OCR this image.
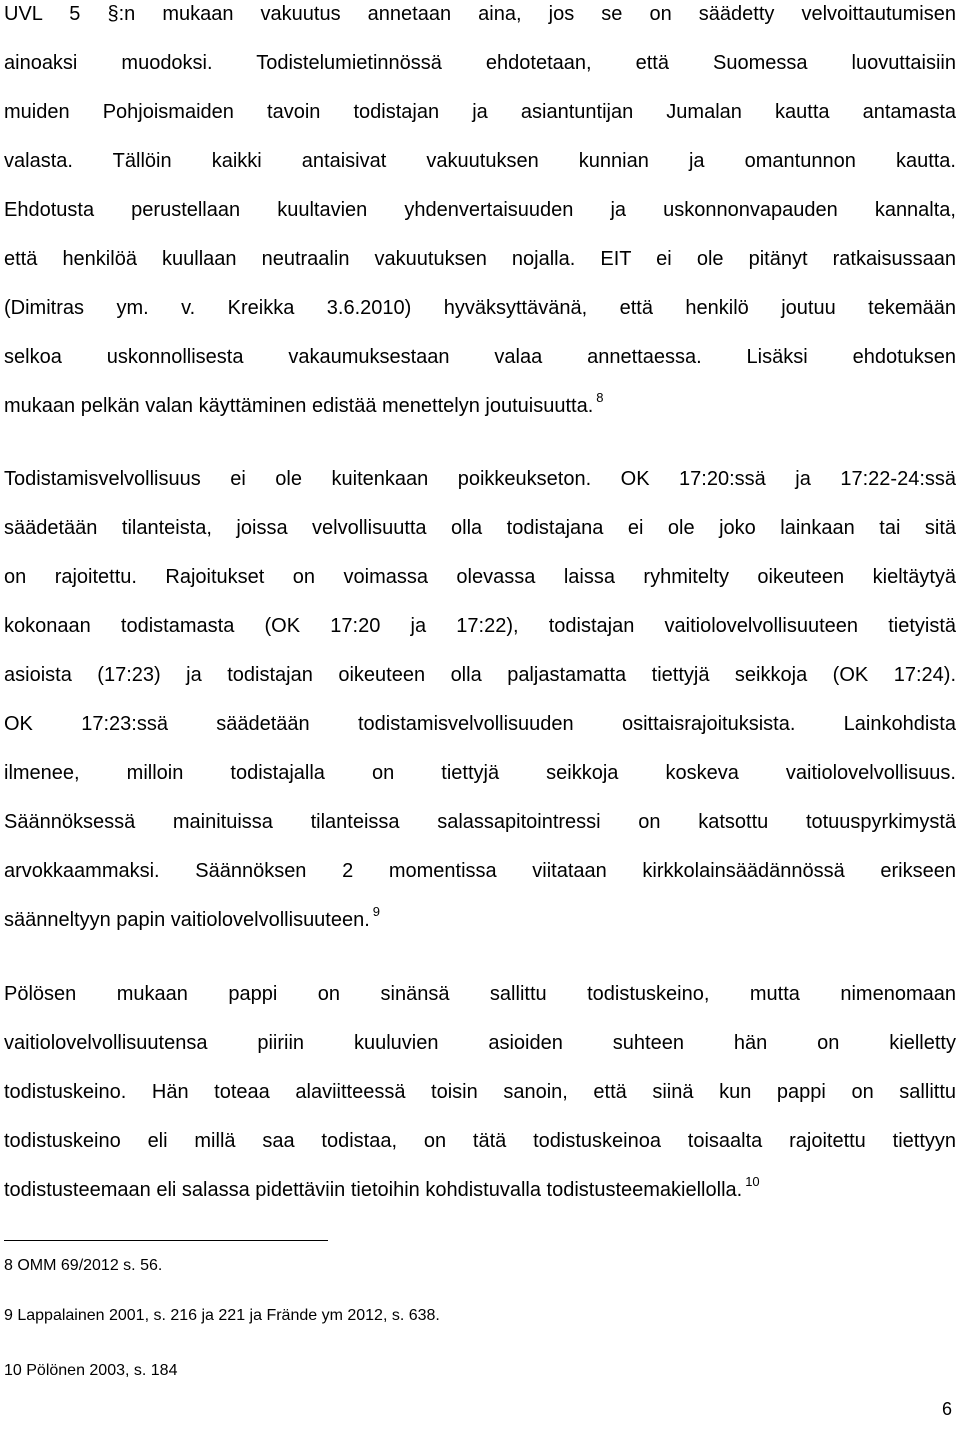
UVL 5 §:n mukaan vakuutus annetaan aina, jos se on säädetty velvoittautumisen
ainoaksi muodoksi. Todistelumietinnössä ehdotetaan, että Suomessa luovuttaisiin
muiden Pohjoismaiden tavoin todistajan ja asiantuntijan Jumalan kautta antamasta
valasta. Tällöin kaikki antaisivat vakuutuksen kunnian ja omantunnon kautta.
Ehdotusta perustellaan kuultavien yhdenvertaisuuden ja uskonnonvapauden kannalta,
että henkilöä kuullaan neutraalin vakuutuksen nojalla. EIT ei ole pitänyt ratkaisussaan
(Dimitras ym. v. Kreikka 3.6.2010) hyväksyttävänä, että henkilö joutuu tekemään
selkoa uskonnollisesta vakaumuksestaan valaa annettaessa. Lisäksi ehdotuksen
mukaan pelkän valan käyttäminen edistää menettelyn joutuisuutta. $^8$
Todistamisvelvollisuus ei ole kuitenkaan poikkeukseton. OK 17:20:ssä ja 17:22-24:ssä
säädetään tilanteista, joissa velvollisuutta olla todistajana ei ole joko lainkaan tai sitä
on rajoitettu. Rajoitukset on voimassa olevassa laissa ryhmitelty oikeuteen kieltäytyä
kokonaan todistamasta (OK 17:20 ja 17:22), todistajan vaitiolovelvollisuuteen tietyistä
asioista (17:23) ja todistajan oikeuteen olla paljastamatta tiettyjä seikkoja (OK 17:24).
OK 17:23:ssä säädetään todistamisvelvollisuuden osittaisrajoituksista. Lainkohdista
ilmenee, milloin todistajalla on tiettyjä seikkoja koskeva vaitiolovelvollisuus.
Säännöksessä mainituissa tilanteissa salassapitointressi on katsottu totuuspyrkimystä
arvokkaammaksi. Säännöksen 2 momentissa viitataan kirkkolainsäädännössä erikseen
säänneltyyn papin vaitiolovelvollisuuteen. $^9$
Pölösen mukaan pappi on sinänsä sallittu todistuskeino, mutta nimenomaan
vaitiolovelvollisuutensa piiriin kuuluvien asioiden suhteen hän on kielletty
todistuskeino. Hän toteaa alaviitteessä toisin sanoin, että siinä kun pappi on sallittu
todistuskeino eli millä saa todistaa, on tätä todistuskeinoa toisaalta rajoitettu tiettyyn
todistusteemaan eli salassa pidettäviin tietoihin kohdistuvalla todistusteemakiellolla. $^{10}$
8 OMM 69/2012 s. 56.
9 Lappalainen 2001, s. 216 ja 221 ja Frände ym 2012, s. 638.
10 Pölönen 2003, s. 184
6
